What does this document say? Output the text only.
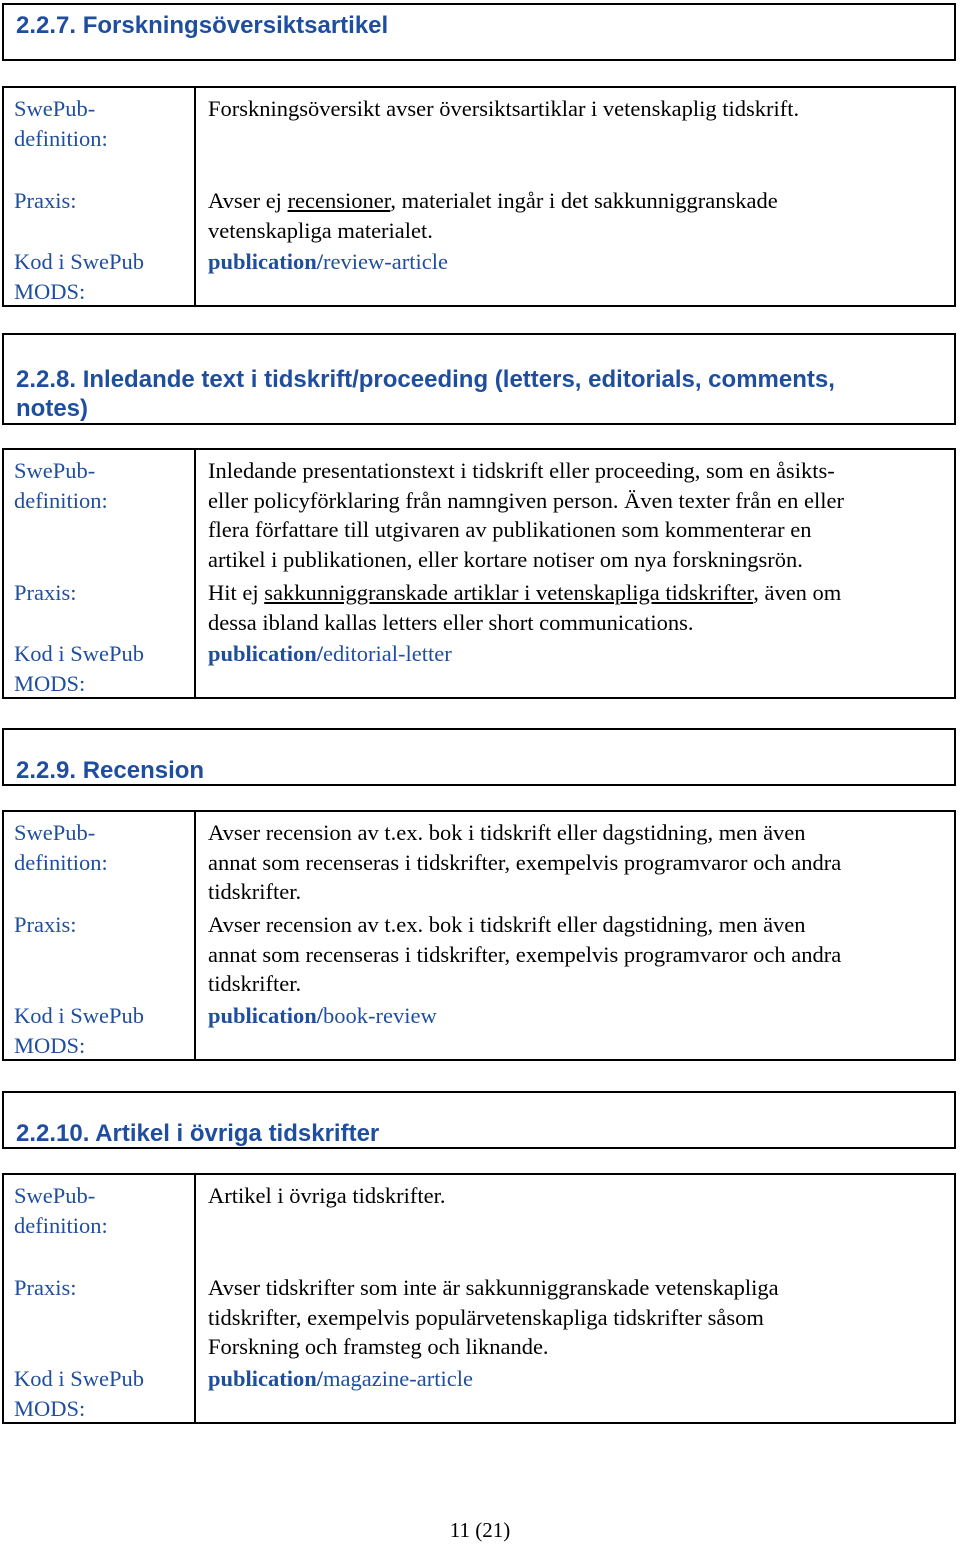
2.2.7. Forskningsöversiktsartikel
SwePub-
definition:
Praxis:
Kod i SwePub
MODS:
Forskningsöversikt avser översiktsartiklar i vetenskaplig tidskrift.
Avser ej recensioner, materialet ingår i det sakkunniggranskade
vetenskapliga materialet.
publication/review-article
2.2.8. Inledande text i tidskrift/proceeding (letters, editorials, comments,
notes)
SwePub-
definition:
Praxis:
Kod i SwePub
MODS:
Inledande presentationstext i tidskrift eller proceeding, som en åsikts-
eller policyförklaring från namngiven person. Även texter från en eller
flera författare till utgivaren av publikationen som kommenterar en
artikel i publikationen, eller kortare notiser om nya forskningsrön.
Hit ej sakkunniggranskade artiklar i vetenskapliga tidskrifter, även om
dessa ibland kallas letters eller short communications.
publication/editorial-letter
2.2.9. Recension
SwePub-
definition:
Praxis:
Kod i SwePub
MODS:
Avser recension av t.ex. bok i tidskrift eller dagstidning, men även
annat som recenseras i tidskrifter, exempelvis programvaror och andra
tidskrifter.
Avser recension av t.ex. bok i tidskrift eller dagstidning, men även
annat som recenseras i tidskrifter, exempelvis programvaror och andra
tidskrifter.
publication/book-review
2.2.10. Artikel i övriga tidskrifter
SwePub-
definition:
Praxis:
Kod i SwePub
MODS:
Artikel i övriga tidskrifter.
Avser tidskrifter som inte är sakkunniggranskade vetenskapliga
tidskrifter, exempelvis populärvetenskapliga tidskrifter såsom
Forskning och framsteg och liknande.
publication/magazine-article
11 (21)
